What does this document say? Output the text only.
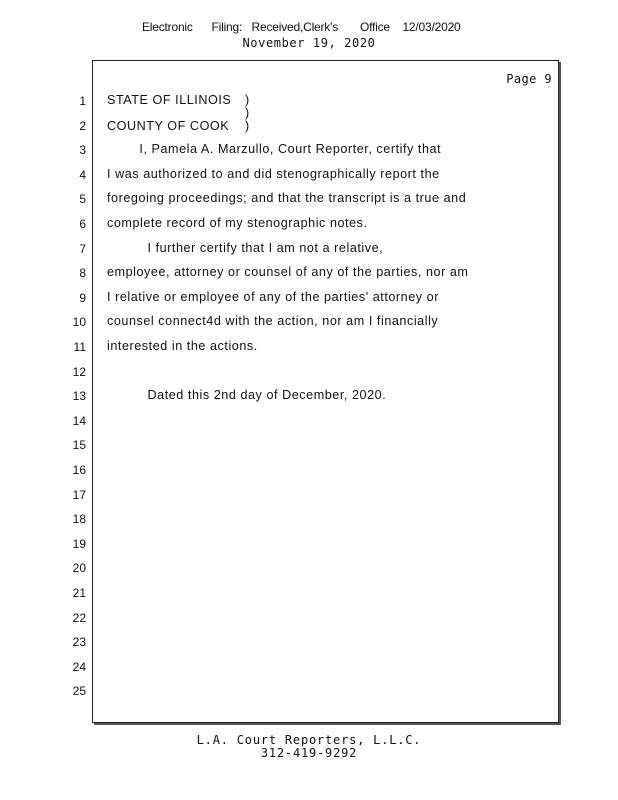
Electronic Filing: Received,Clerk's Office 12/03/2020
November 19, 2020
Page 9
1
2
3 I, Pamela A. Marzullo, Court Reporter, certify that
4 I was authorized to and did stenographically report the
5 foregoing proceedings; and that the transcript is a true and
6 complete record of my stenographic notes.
7 I further certify that I am not a relative,
8 employee, attorney or counsel of any of the parties, nor am
9 I relative or employee of any of the parties' attorney or
10 counsel connect4d with the action, nor am I financially
11 interested in the actions.
12
13 Dated this 2nd day of December, 2020.
14
15
16
17
18
19
20
21
22
23
24
25
STATE OF ILLINOIS )
)
COUNTY OF COOK )
L.A. Court Reporters, L.L.C.
312-419-9292
